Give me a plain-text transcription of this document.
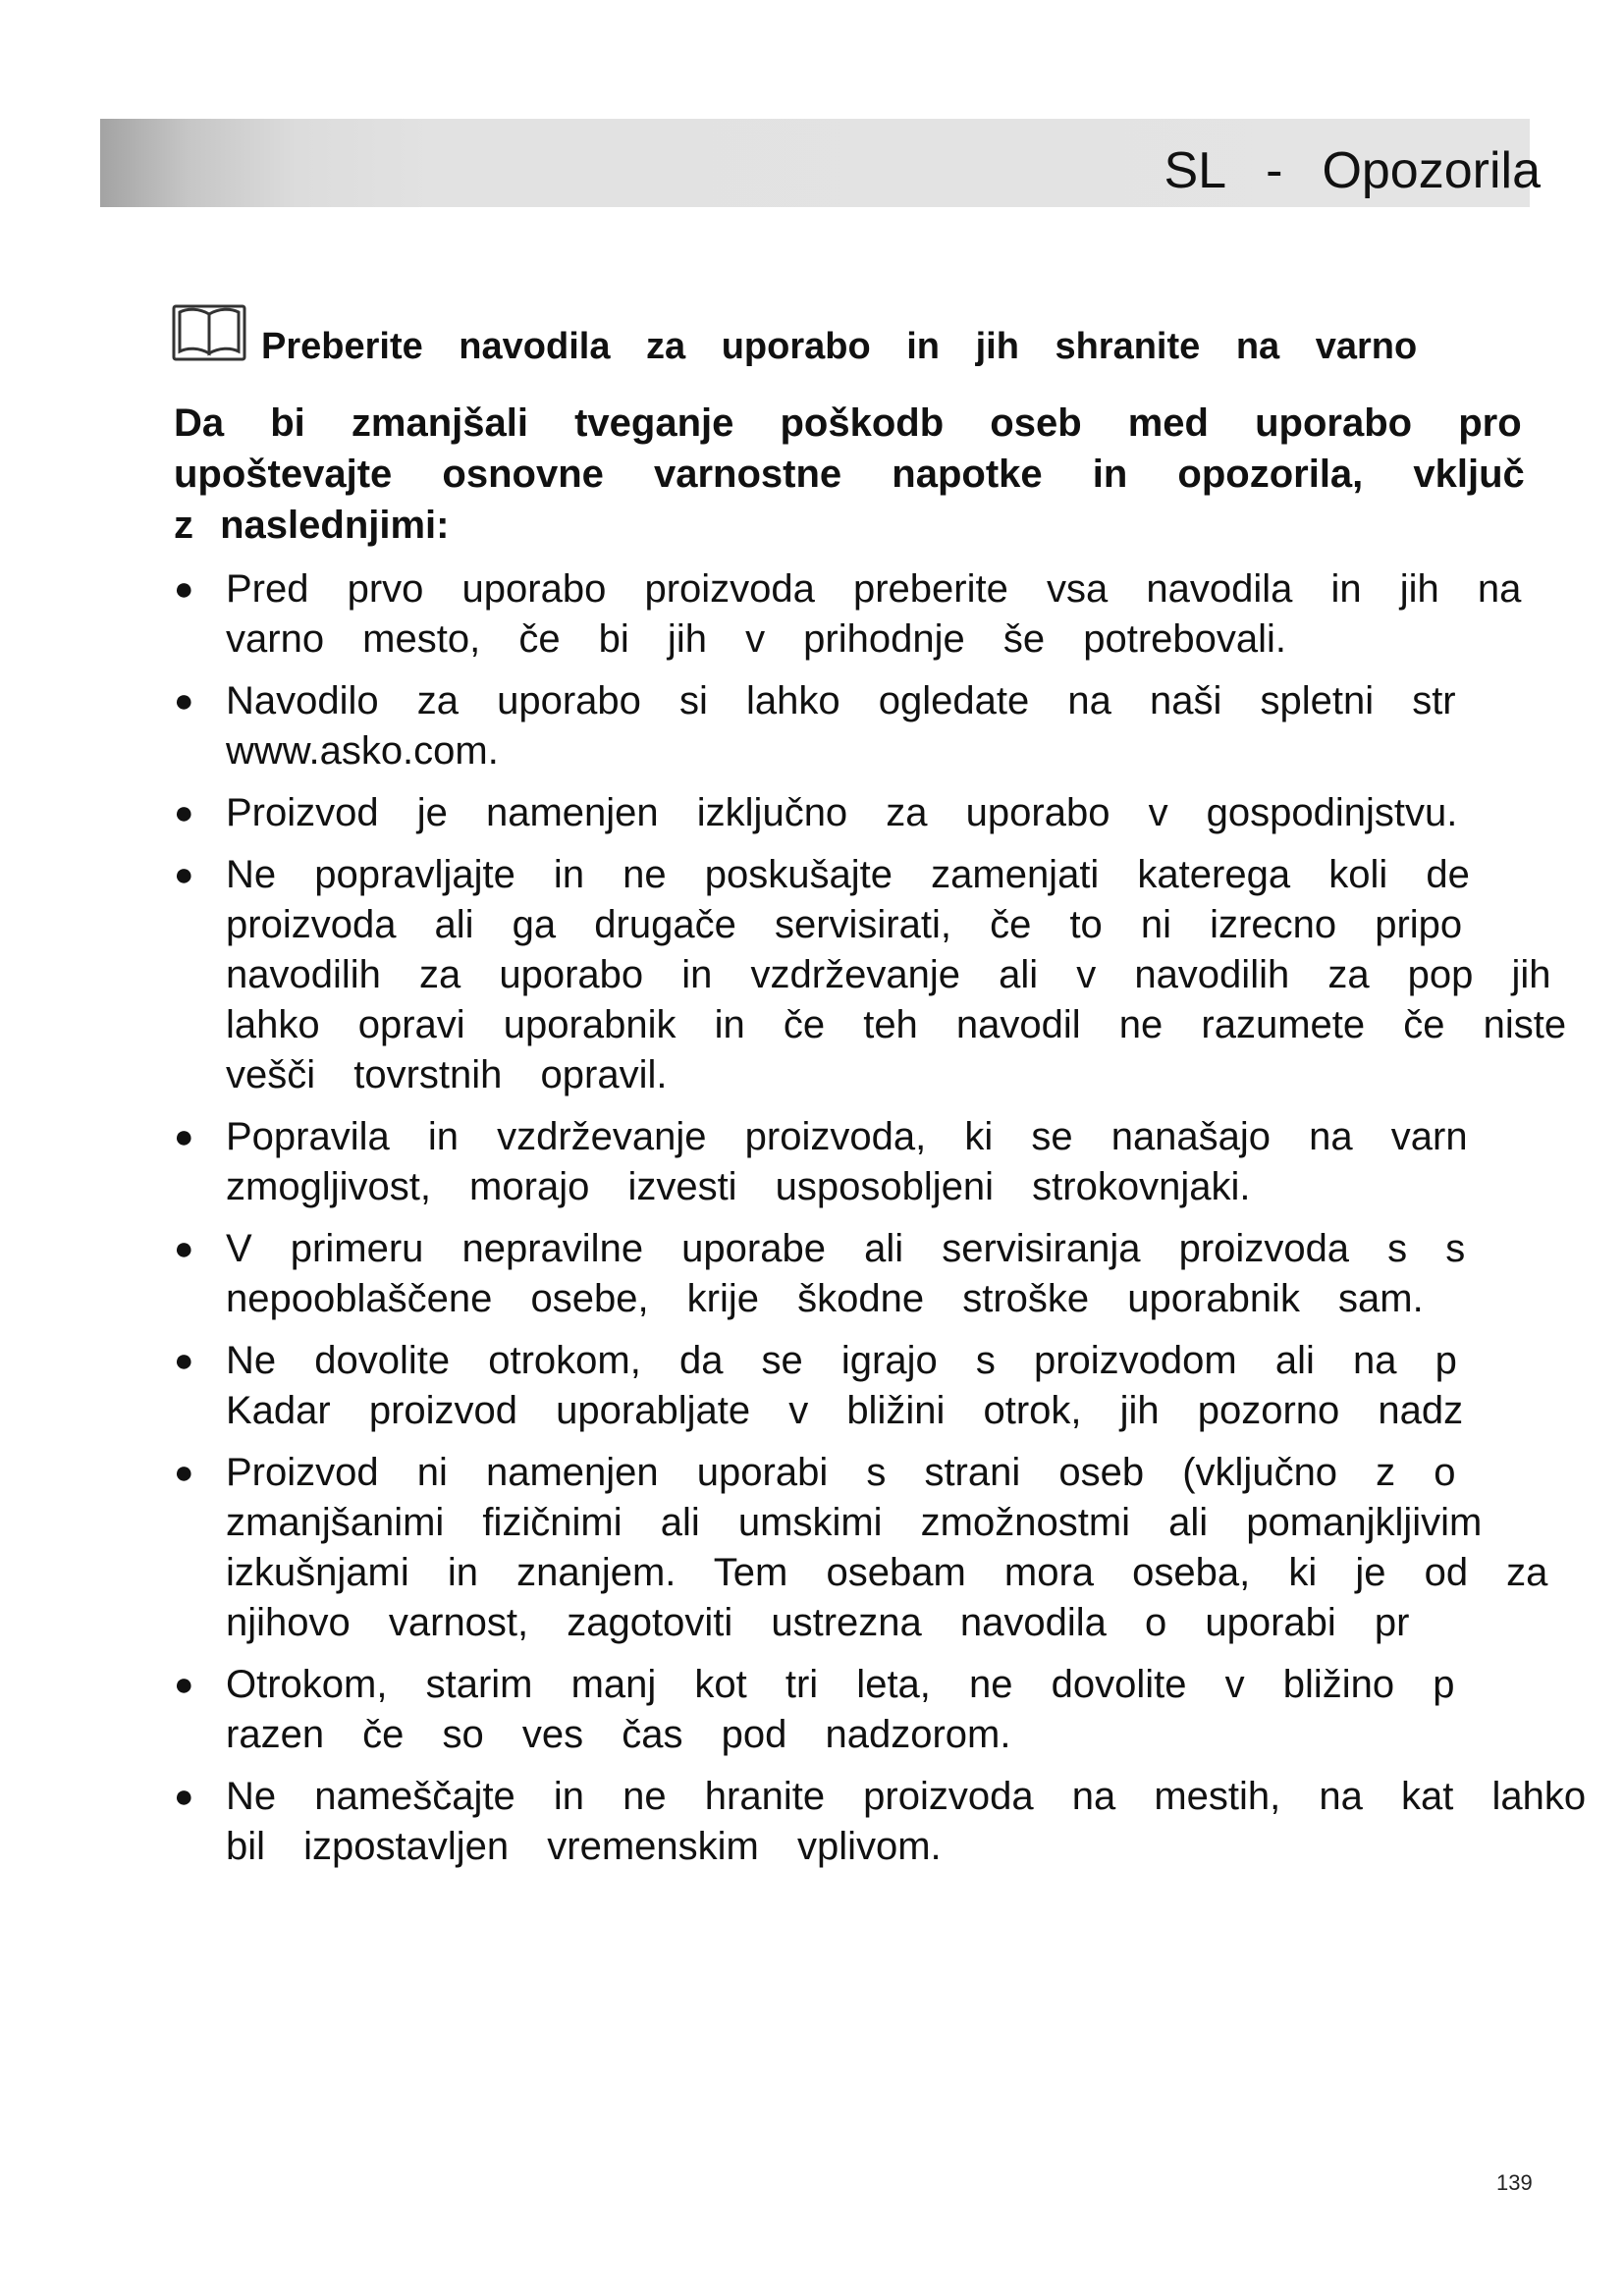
SL - Opozorila
Preberite navodila za uporabo in jih shranite na varno
Da bi zmanjšali tveganje poškodb oseb med uporabo pro
upoštevajte osnovne varnostne napotke in opozorila, vključ
z naslednjimi:
● Pred prvo uporabo proizvoda preberite vsa navodila in jih na varno mesto, če bi jih v prihodnje še potrebovali.
● Navodilo za uporabo si lahko ogledate na naši spletni str www.asko.com.
● Proizvod je namenjen izključno za uporabo v gospodinjstvu.
● Ne popravljajte in ne poskušajte zamenjati katerega koli de proizvoda ali ga drugače servisirati, če to ni izrecno pripo navodilih za uporabo in vzdrževanje ali v navodilih za pop jih lahko opravi uporabnik in če teh navodil ne razumete če niste vešči tovrstnih opravil.
● Popravila in vzdrževanje proizvoda, ki se nanašajo na varn zmogljivost, morajo izvesti usposobljeni strokovnjaki.
● V primeru nepravilne uporabe ali servisiranja proizvoda s s nepooblaščene osebe, krije škodne stroške uporabnik sam.
● Ne dovolite otrokom, da se igrajo s proizvodom ali na p Kadar proizvod uporabljate v bližini otrok, jih pozorno nadz
● Proizvod ni namenjen uporabi s strani oseb (vključno z o zmanjšanimi fizičnimi ali umskimi zmožnostmi ali pomanjkljivim izkušnjami in znanjem. Tem osebam mora oseba, ki je od za njihovo varnost, zagotoviti ustrezna navodila o uporabi pr
● Otrokom, starim manj kot tri leta, ne dovolite v bližino p razen če so ves čas pod nadzorom.
● Ne nameščajte in ne hranite proizvoda na mestih, na kat lahko bil izpostavljen vremenskim vplivom.
139
